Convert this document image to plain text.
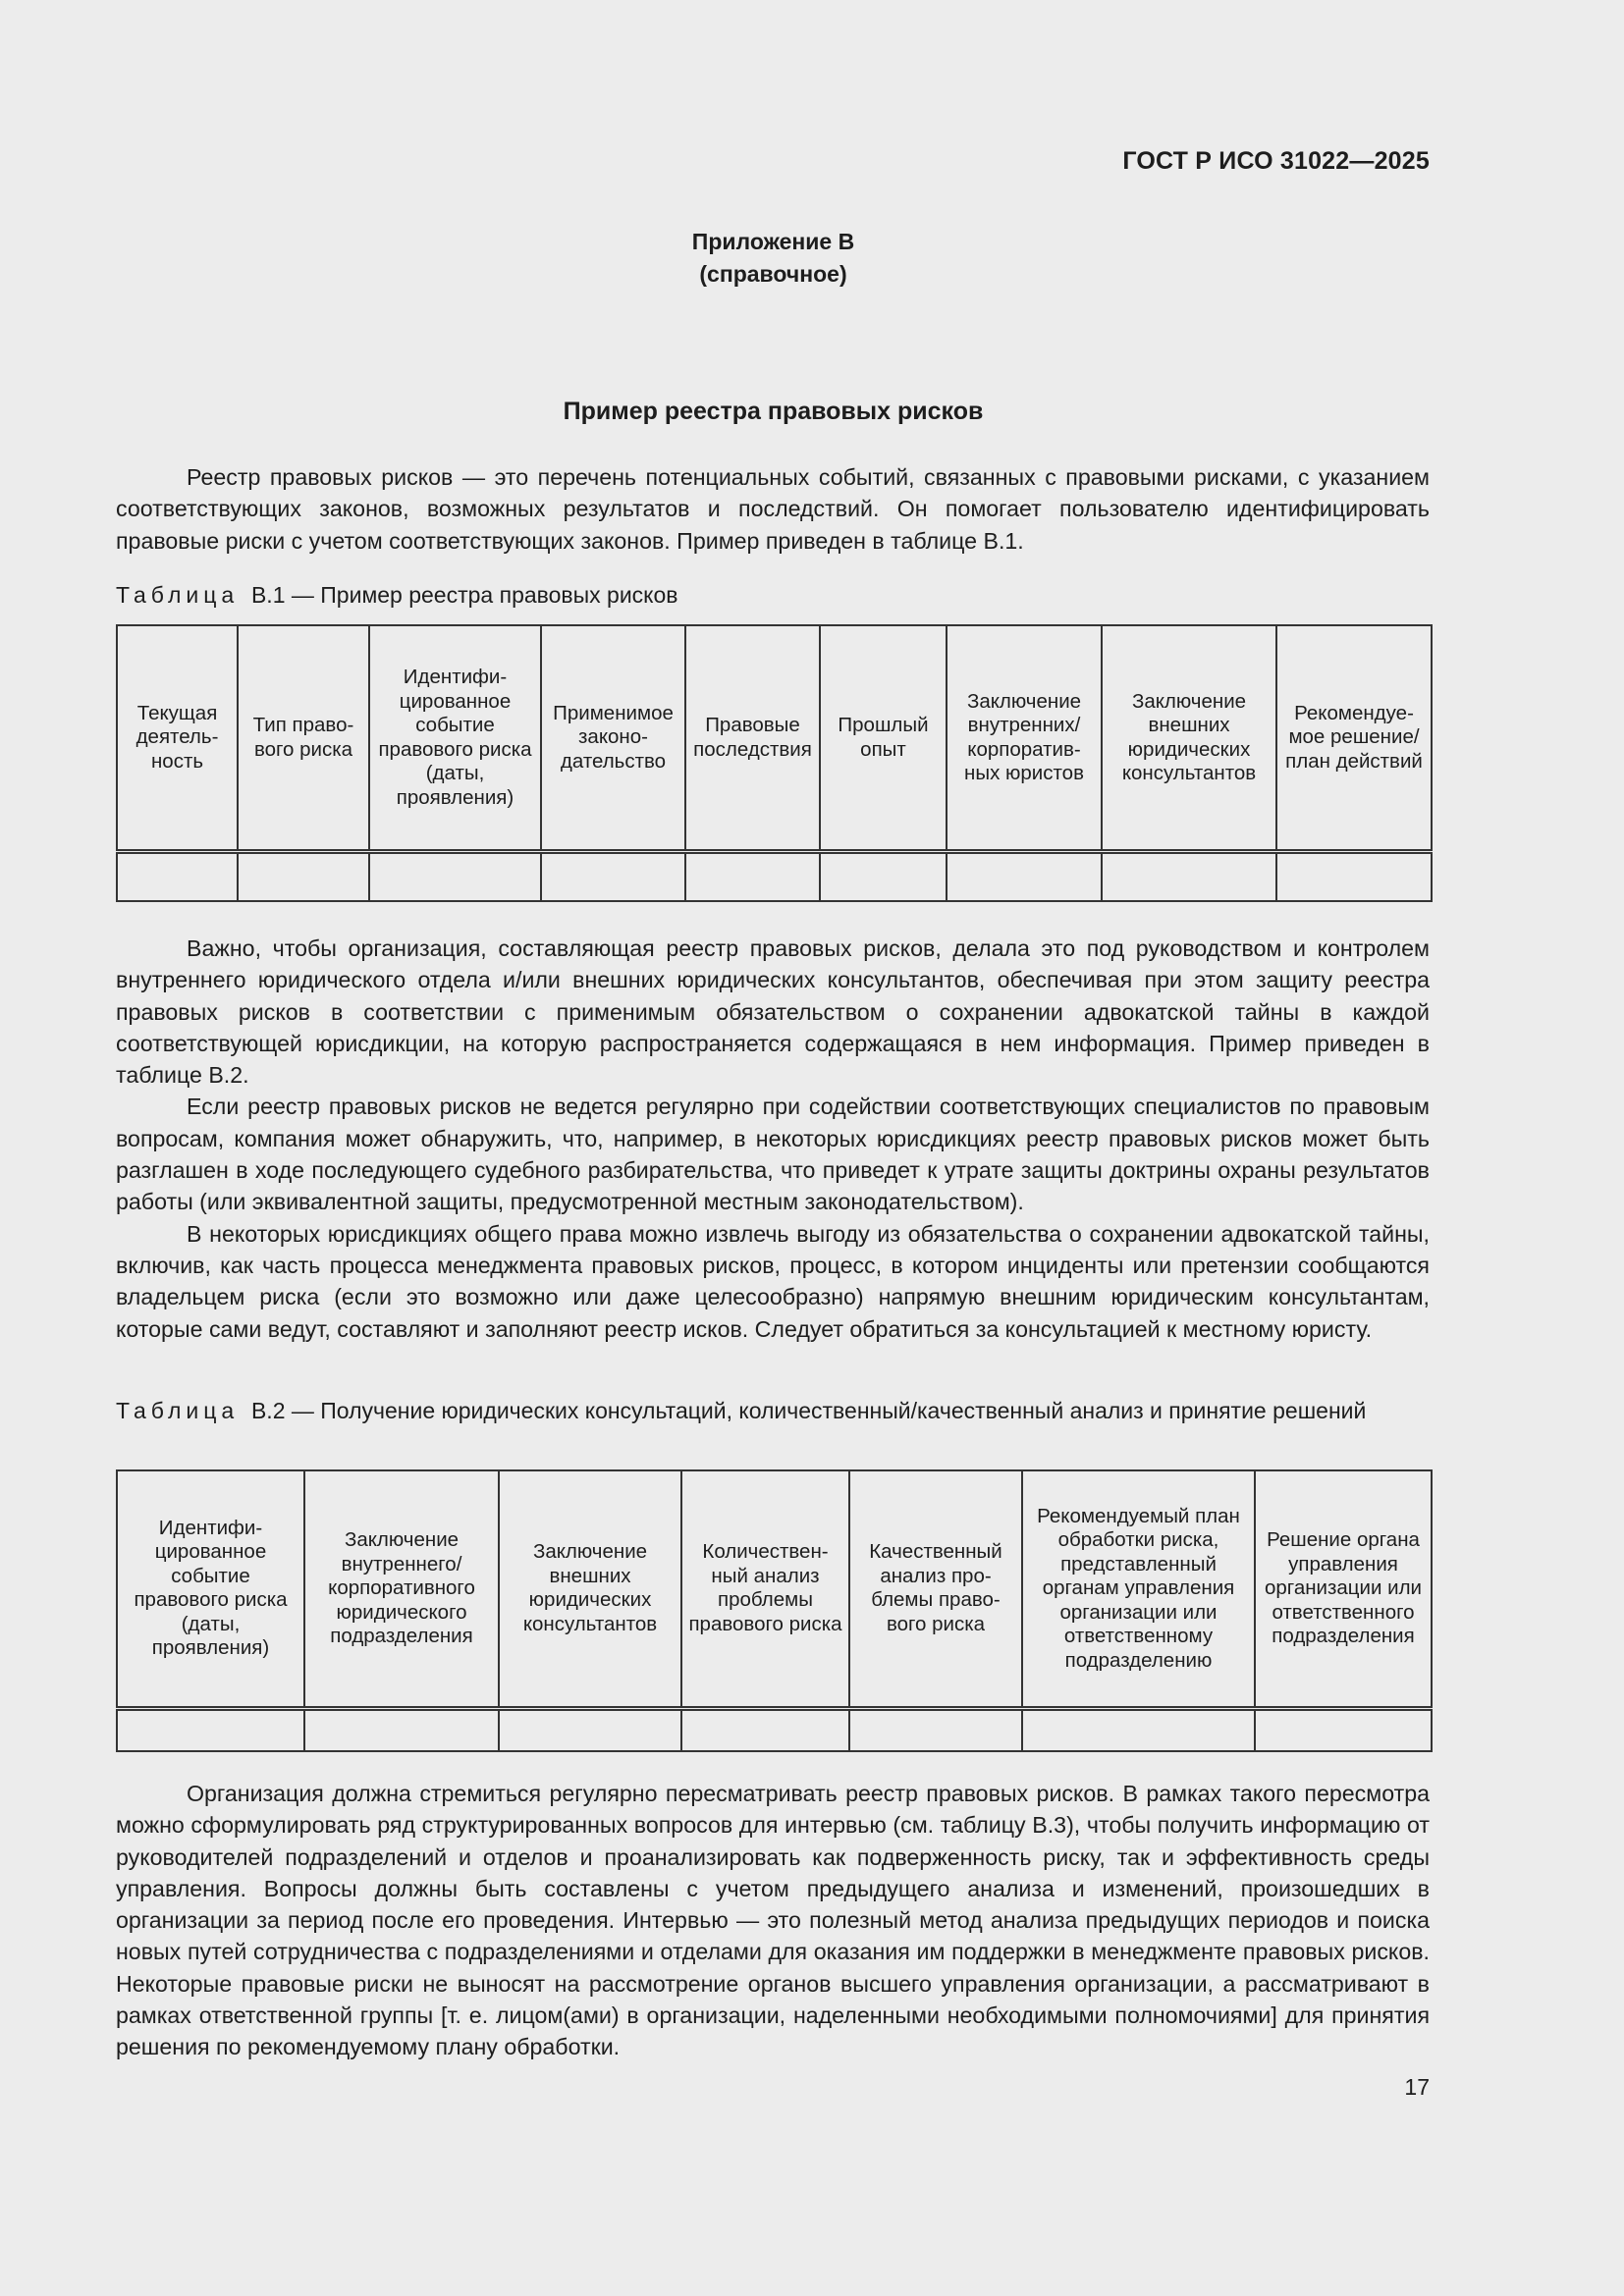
ГОСТ Р ИСО 31022—2025
Приложение В
(справочное)
Пример реестра правовых рисков

Реестр правовых рисков — это перечень потенциальных событий, связанных с правовыми рисками, с указанием соответствующих законов, возможных результатов и последствий. Он помогает пользователю идентифицировать правовые риски с учетом соответствующих законов. Пример приведен в таблице В.1.

Таблица В.1 — Пример реестра правовых рисков
Текущая деятельность	Тип правового риска	Идентифицированное событие правового риска (даты, проявления)	Применимое законодательство	Правовые последствия	Прошлый опыт	Заключение внутренних/ корпоративных юристов	Заключение внешних юридических консультантов	Рекомендуемое решение/план действий

Важно, чтобы организация, составляющая реестр правовых рисков, делала это под руководством и контролем внутреннего юридического отдела и/или внешних юридических консультантов, обеспечивая при этом защиту реестра правовых рисков в соответствии с применимым обязательством о сохранении адвокатской тайны в каждой соответствующей юрисдикции, на которую распространяется содержащаяся в нем информация. Пример приведен в таблице В.2.

Если реестр правовых рисков не ведется регулярно при содействии соответствующих специалистов по правовым вопросам, компания может обнаружить, что, например, в некоторых юрисдикциях реестр правовых рисков может быть разглашен в ходе последующего судебного разбирательства, что приведет к утрате защиты доктрины охраны результатов работы (или эквивалентной защиты, предусмотренной местным законодательством).

В некоторых юрисдикциях общего права можно извлечь выгоду из обязательства о сохранении адвокатской тайны, включив, как часть процесса менеджмента правовых рисков, процесс, в котором инциденты или претензии сообщаются владельцем риска (если это возможно или даже целесообразно) напрямую внешним юридическим консультантам, которые сами ведут, составляют и заполняют реестр исков. Следует обратиться за консультацией к местному юристу.

Таблица В.2 — Получение юридических консультаций, количественный/качественный анализ и принятие решений
Идентифицированное событие правового риска (даты, проявления)	Заключение внутреннего/ корпоративного юридического подразделения	Заключение внешних юридических консультантов	Количественный анализ проблемы правового риска	Качественный анализ проблемы правового риска	Рекомендуемый план обработки риска, представленный органам управления организации или ответственному подразделению	Решение органа управления организации или ответственного подразделения

Организация должна стремиться регулярно пересматривать реестр правовых рисков. В рамках такого пересмотра можно сформулировать ряд структурированных вопросов для интервью (см. таблицу В.3), чтобы получить информацию от руководителей подразделений и отделов и проанализировать как подверженность риску, так и эффективность среды управления. Вопросы должны быть составлены с учетом предыдущего анализа и изменений, произошедших в организации за период после его проведения. Интервью — это полезный метод анализа предыдущих периодов и поиска новых путей сотрудничества с подразделениями и отделами для оказания им поддержки в менеджменте правовых рисков. Некоторые правовые риски не выносят на рассмотрение органов высшего управления организации, а рассматривают в рамках ответственной группы [т. е. лицом(ами) в организации, наделенными необходимыми полномочиями] для принятия решения по рекомендуемому плану обработки.

17
